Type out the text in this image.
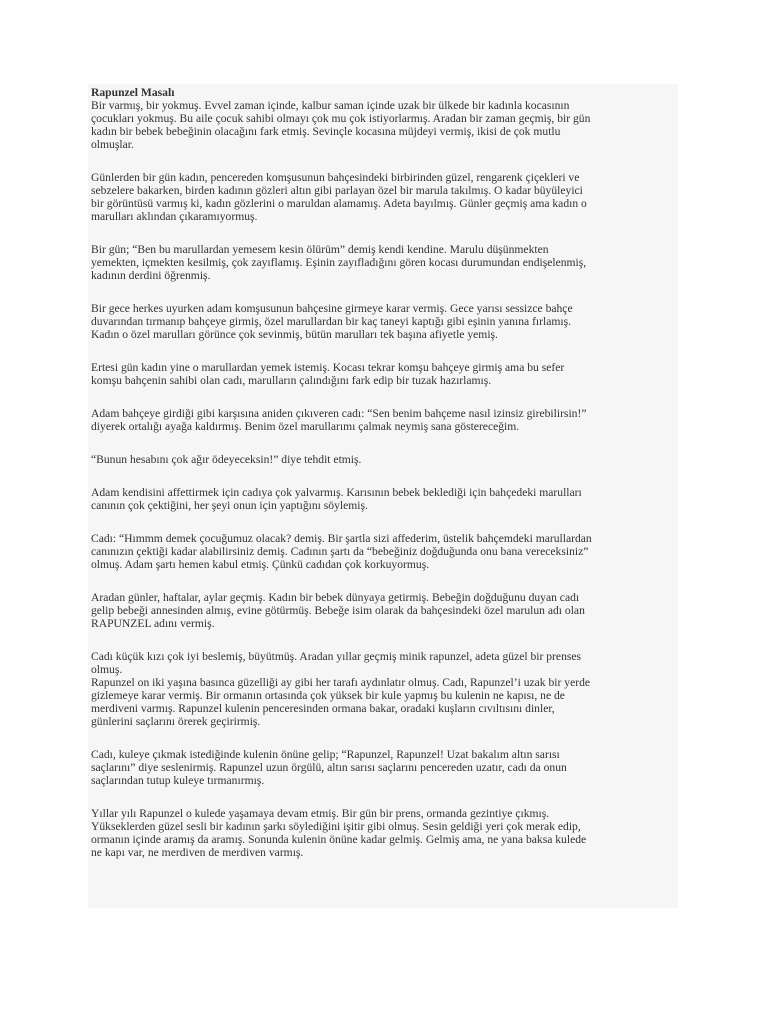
Rapunzel Masalı
Bir varmış, bir yokmuş. Evvel zaman içinde, kalbur saman içinde uzak bir ülkede bir kadınla kocasının
çocukları yokmuş. Bu aile çocuk sahibi olmayı çok mu çok istiyorlarmış. Aradan bir zaman geçmiş, bir gün
kadın bir bebek bebeğinin olacağını fark etmiş. Sevinçle kocasına müjdeyi vermiş, ikisi de çok mutlu
olmuşlar.
Günlerden bir gün kadın, pencereden komşusunun bahçesindeki birbirinden güzel, rengarenk çiçekleri ve
sebzelere bakarken, birden kadının gözleri altın gibi parlayan özel bir marula takılmış. O kadar büyüleyici
bir görüntüsü varmış ki, kadın gözlerini o maruldan alamamış. Adeta bayılmış. Günler geçmiş ama kadın o
marulları aklından çıkaramıyormuş.
Bir gün; “Ben bu marullardan yemesem kesin ölürüm” demiş kendi kendine. Marulu düşünmekten
yemekten, içmekten kesilmiş, çok zayıflamış. Eşinin zayıfladığını gören kocası durumundan endişelenmiş,
kadının derdini öğrenmiş.
Bir gece herkes uyurken adam komşusunun bahçesine girmeye karar vermiş. Gece yarısı sessizce bahçe
duvarından tırmanıp bahçeye girmiş, özel marullardan bir kaç taneyi kaptığı gibi eşinin yanına fırlamış.
Kadın o özel marulları görünce çok sevinmiş, bütün marulları tek başına afiyetle yemiş.
Ertesi gün kadın yine o marullardan yemek istemiş. Kocası tekrar komşu bahçeye girmiş ama bu sefer
komşu bahçenin sahibi olan cadı, marulların çalındığını fark edip bir tuzak hazırlamış.
Adam bahçeye girdiği gibi karşısına aniden çıkıveren cadı: “Sen benim bahçeme nasıl izinsiz girebilirsin!”
diyerek ortalığı ayağa kaldırmış. Benim özel marullarımı çalmak neymiş sana göstereceğim.
“Bunun hesabını çok ağır ödeyeceksin!” diye tehdit etmiş.
Adam kendisini affettirmek için cadıya çok yalvarmış. Karısının bebek beklediği için bahçedeki marulları
canının çok çektiğini, her şeyi onun için yaptığını söylemiş.
Cadı: “Hımmm demek çocuğumuz olacak? demiş. Bir şartla sizi affederim, üstelik bahçemdeki marullardan
canınızın çektiği kadar alabilirsiniz demiş. Cadının şartı da “bebeğiniz doğduğunda onu bana vereceksiniz”
olmuş. Adam şartı hemen kabul etmiş. Çünkü cadıdan çok korkuyormuş.
Aradan günler, haftalar, aylar geçmiş. Kadın bir bebek dünyaya getirmiş. Bebeğin doğduğunu duyan cadı
gelip bebeği annesinden almış, evine götürmüş. Bebeğe isim olarak da bahçesindeki özel marulun adı olan
RAPUNZEL adını vermiş.
Cadı küçük kızı çok iyi beslemiş, büyütmüş. Aradan yıllar geçmiş minik rapunzel, adeta güzel bir prenses
olmuş.
Rapunzel on iki yaşına basınca güzelliği ay gibi her tarafı aydınlatır olmuş. Cadı, Rapunzel’i uzak bir yerde
gizlemeye karar vermiş. Bir ormanın ortasında çok yüksek bir kule yapmış bu kulenin ne kapısı, ne de
merdiveni varmış. Rapunzel kulenin penceresinden ormana bakar, oradaki kuşların cıvıltısını dinler,
günlerini saçlarını örerek geçirirmiş.
Cadı, kuleye çıkmak istediğinde kulenin önüne gelip; “Rapunzel, Rapunzel! Uzat bakalım altın sarısı
saçlarını” diye seslenirmiş. Rapunzel uzun örgülü, altın sarısı saçlarını pencereden uzatır, cadı da onun
saçlarından tutup kuleye tırmanırmış.
Yıllar yılı Rapunzel o kulede yaşamaya devam etmiş. Bir gün bir prens, ormanda gezintiye çıkmış.
Yükseklerden güzel sesli bir kadının şarkı söylediğini işitir gibi olmuş. Sesin geldiği yeri çok merak edip,
ormanın içinde aramış da aramış. Sonunda kulenin önüne kadar gelmiş. Gelmiş ama, ne yana baksa kulede
ne kapı var, ne merdiven de merdiven varmış.
